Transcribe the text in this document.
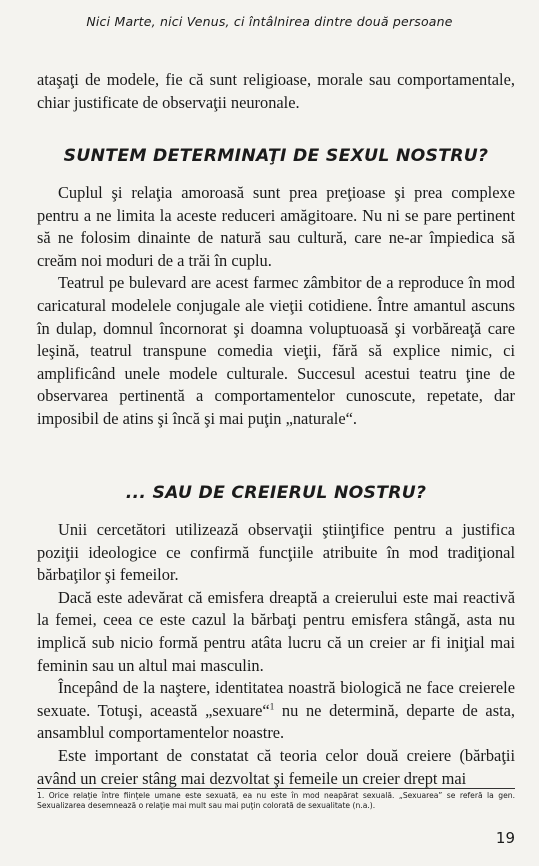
Nici Marte, nici Venus, ci întâlnirea dintre două persoane

ataşaţi de modele, fie că sunt religioase, morale sau comportamentale, chiar justificate de observaţii neuronale.

SUNTEM DETERMINAŢI DE SEXUL NOSTRU?

Cuplul şi relaţia amoroasă sunt prea preţioase şi prea complexe pentru a ne limita la aceste reduceri amăgitoare. Nu ni se pare pertinent să ne folosim dinainte de natură sau cultură, care ne-ar împiedica să creăm noi moduri de a trăi în cuplu.

Teatrul pe bulevard are acest farmec zâmbitor de a reproduce în mod caricatural modelele conjugale ale vieţii cotidiene. Între amantul ascuns în dulap, domnul încornorat şi doamna voluptuoasă şi vorbăreaţă care leşină, teatrul transpune comedia vieţii, fără să explice nimic, ci amplificând unele modele culturale. Succesul acestui teatru ţine de observarea pertinentă a comportamentelor cunoscute, repetate, dar imposibil de atins şi încă şi mai puţin „naturale“.

... SAU DE CREIERUL NOSTRU?

Unii cercetători utilizează observaţii ştiinţifice pentru a justifica poziţii ideologice ce confirmă funcţiile atribuite în mod tradiţional bărbaţilor şi femeilor.

Dacă este adevărat că emisfera dreaptă a creierului este mai reactivă la femei, ceea ce este cazul la bărbaţi pentru emisfera stângă, asta nu implică sub nicio formă pentru atâta lucru că un creier ar fi iniţial mai feminin sau un altul mai masculin.

Începând de la naştere, identitatea noastră biologică ne face creierele sexuate. Totuşi, această „sexuare“$^1$ nu ne determină, departe de asta, ansamblul comportamentelor noastre.

Este important de constatat că teoria celor două creiere (bărbaţii având un creier stâng mai dezvoltat şi femeile un creier drept mai

1. Orice relaţie între fiinţele umane este sexuată, ea nu este în mod neapărat sexuală. „Sexuarea” se referă la gen. Sexualizarea desemnează o relaţie mai mult sau mai puţin colorată de sexualitate (n.a.).

19
